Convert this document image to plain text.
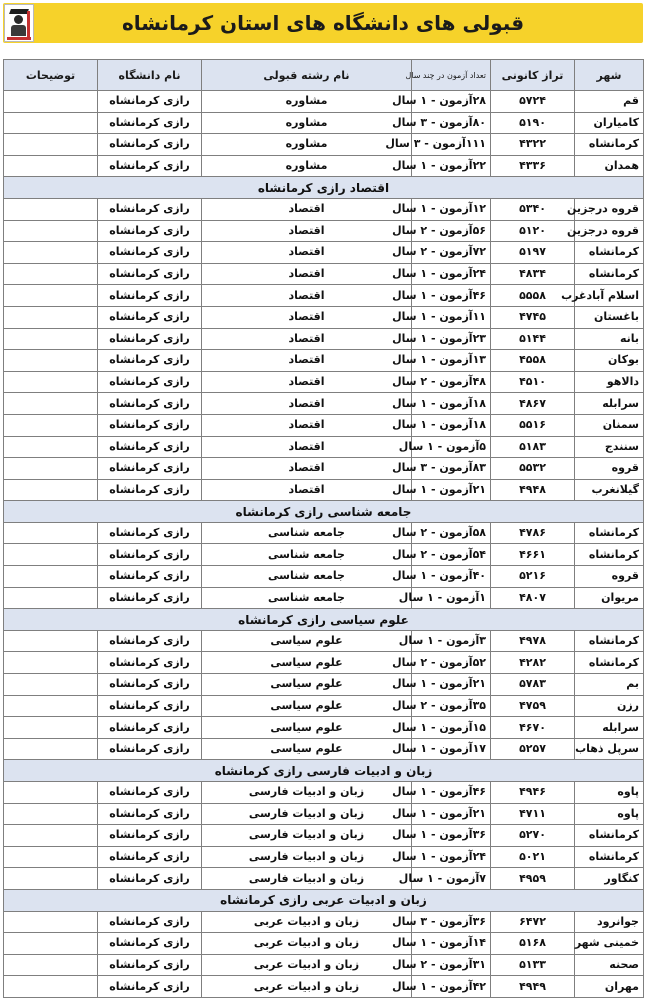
قبولی های دانشگاه های استان کرمانشاه
شهر	تراز کانونی	تعداد آزمون در چند سال	نام رشته قبولی	نام دانشگاه	توضیحات
قم	۵۷۲۴	۲۸آزمون - ۱ سال	مشاوره	رازی کرمانشاه	
کامیاران	۵۱۹۰	۸۰آزمون - ۳ سال	مشاوره	رازی کرمانشاه	
کرمانشاه	۴۳۲۲	۱۱۱آزمون - ۳ سال	مشاوره	رازی کرمانشاه	
همدان	۴۳۳۶	۲۲آزمون - ۱ سال	مشاوره	رازی کرمانشاه	
اقتصاد رازی کرمانشاه					
قروه درجزین	۵۳۴۰	۱۲آزمون - ۱ سال	اقتصاد	رازی کرمانشاه	
قروه درجزین	۵۱۲۰	۵۶آزمون - ۲ سال	اقتصاد	رازی کرمانشاه	
کرمانشاه	۵۱۹۷	۷۲آزمون - ۲ سال	اقتصاد	رازی کرمانشاه	
کرمانشاه	۴۸۳۴	۲۴آزمون - ۱ سال	اقتصاد	رازی کرمانشاه	
اسلام آبادغرب	۵۵۵۸	۴۶آزمون - ۱ سال	اقتصاد	رازی کرمانشاه	
باغستان	۴۷۴۵	۱۱آزمون - ۱ سال	اقتصاد	رازی کرمانشاه	
بانه	۵۱۴۴	۲۳آزمون - ۱ سال	اقتصاد	رازی کرمانشاه	
بوکان	۴۵۵۸	۱۳آزمون - ۱ سال	اقتصاد	رازی کرمانشاه	
دالاهو	۴۵۱۰	۴۸آزمون - ۲ سال	اقتصاد	رازی کرمانشاه	
سرابله	۴۸۶۷	۱۸آزمون - ۱ سال	اقتصاد	رازی کرمانشاه	
سمنان	۵۵۱۶	۱۸آزمون - ۱ سال	اقتصاد	رازی کرمانشاه	
سنندج	۵۱۸۳	۵آزمون - ۱ سال	اقتصاد	رازی کرمانشاه	
قروه	۵۵۳۲	۸۳آزمون - ۳ سال	اقتصاد	رازی کرمانشاه	
گیلانغرب	۴۹۴۸	۲۱آزمون - ۱ سال	اقتصاد	رازی کرمانشاه	
جامعه شناسی رازی کرمانشاه					
کرمانشاه	۴۷۸۶	۵۸آزمون - ۲ سال	جامعه شناسی	رازی کرمانشاه	
کرمانشاه	۴۶۶۱	۵۴آزمون - ۲ سال	جامعه شناسی	رازی کرمانشاه	
قروه	۵۲۱۶	۴۰آزمون - ۱ سال	جامعه شناسی	رازی کرمانشاه	
مریوان	۴۸۰۷	۱آزمون - ۱ سال	جامعه شناسی	رازی کرمانشاه	
علوم سیاسی رازی کرمانشاه					
کرمانشاه	۴۹۷۸	۳آزمون - ۱ سال	علوم سیاسی	رازی کرمانشاه	
کرمانشاه	۴۲۸۲	۵۲آزمون - ۲ سال	علوم سیاسی	رازی کرمانشاه	
بم	۵۷۸۳	۲۱آزمون - ۱ سال	علوم سیاسی	رازی کرمانشاه	
رزن	۴۷۵۹	۳۵آزمون - ۲ سال	علوم سیاسی	رازی کرمانشاه	
سرابله	۴۶۷۰	۱۵آزمون - ۱ سال	علوم سیاسی	رازی کرمانشاه	
سرپل ذهاب	۵۲۵۷	۱۷آزمون - ۱ سال	علوم سیاسی	رازی کرمانشاه	
زبان و ادبیات فارسی رازی کرمانشاه					
پاوه	۴۹۴۶	۴۶آزمون - ۱ سال	زبان و ادبیات فارسی	رازی کرمانشاه	
پاوه	۴۷۱۱	۲۱آزمون - ۱ سال	زبان و ادبیات فارسی	رازی کرمانشاه	
کرمانشاه	۵۲۷۰	۳۶آزمون - ۱ سال	زبان و ادبیات فارسی	رازی کرمانشاه	
کرمانشاه	۵۰۲۱	۲۴آزمون - ۱ سال	زبان و ادبیات فارسی	رازی کرمانشاه	
کنگاور	۴۹۵۹	۷آزمون - ۱ سال	زبان و ادبیات فارسی	رازی کرمانشاه	
زبان و ادبیات عربی رازی کرمانشاه					
جوانرود	۶۴۷۲	۳۶آزمون - ۳ سال	زبان و ادبیات عربی	رازی کرمانشاه	
خمینی شهر	۵۱۶۸	۱۴آزمون - ۱ سال	زبان و ادبیات عربی	رازی کرمانشاه	
صحنه	۵۱۳۳	۳۱آزمون - ۲ سال	زبان و ادبیات عربی	رازی کرمانشاه	
مهران	۴۹۴۹	۴۲آزمون - ۱ سال	زبان و ادبیات عربی	رازی کرمانشاه	
